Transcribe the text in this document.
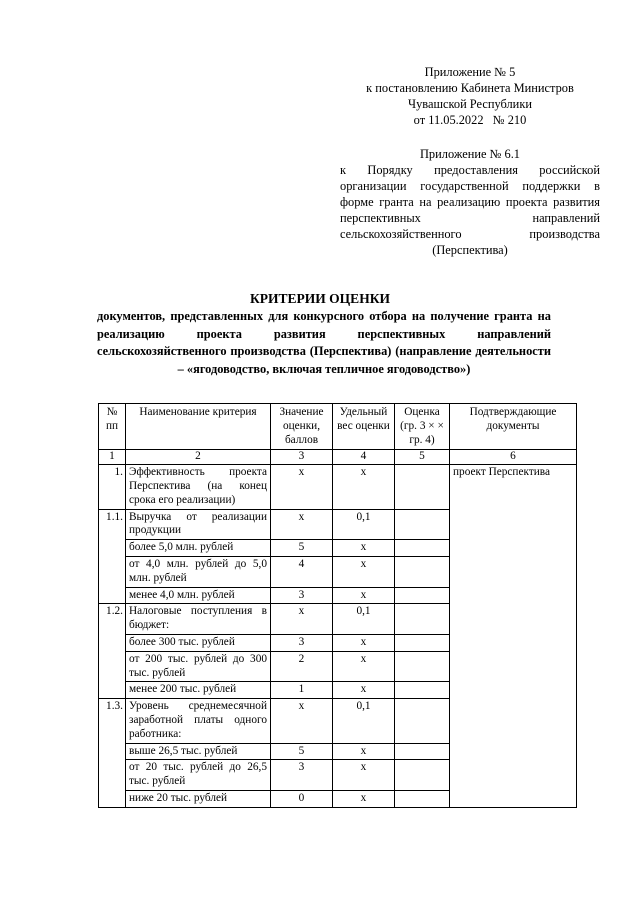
Приложение № 5
к постановлению Кабинета Министров
Чувашской Республики
от 11.05.2022   № 210
Приложение № 6.1
к Порядку предоставления российской организации государственной поддержки в форме гранта на реализацию проекта развития перспективных направлений сельскохозяйственного производства (Перспектива)
КРИТЕРИИ ОЦЕНКИ
документов, представленных для конкурсного отбора на получение гранта на реализацию проекта развития перспективных направлений сельскохозяйственного производства (Перспектива) (направление деятельности – «ягодоводство, включая тепличное ягодоводство»)
№ пп	Наименование критерия	Значение оценки, баллов	Удельный вес оценки	Оценка (гр. 3 × × гр. 4)	Подтверждающие документы
1	2	3	4	5	6
1.	Эффективность проекта Перспектива (на конец срока его реализации)	x	x		проект Перспектива
1.1.	Выручка от реализации продукции	x	0,1		
	более 5,0 млн. рублей	5	x		
	от 4,0 млн. рублей до 5,0 млн. рублей	4	x		
	менее 4,0 млн. рублей	3	x		
1.2.	Налоговые поступления в бюджет:	x	0,1		
	более 300 тыс. рублей	3	x		
	от 200 тыс. рублей до 300 тыс. рублей	2	x		
	менее 200 тыс. рублей	1	x		
1.3.	Уровень среднемесячной заработной платы одного работника:	x	0,1		
	выше 26,5 тыс. рублей	5	x		
	от 20 тыс. рублей до 26,5 тыс. рублей	3	x		
	ниже 20 тыс. рублей	0	x		
